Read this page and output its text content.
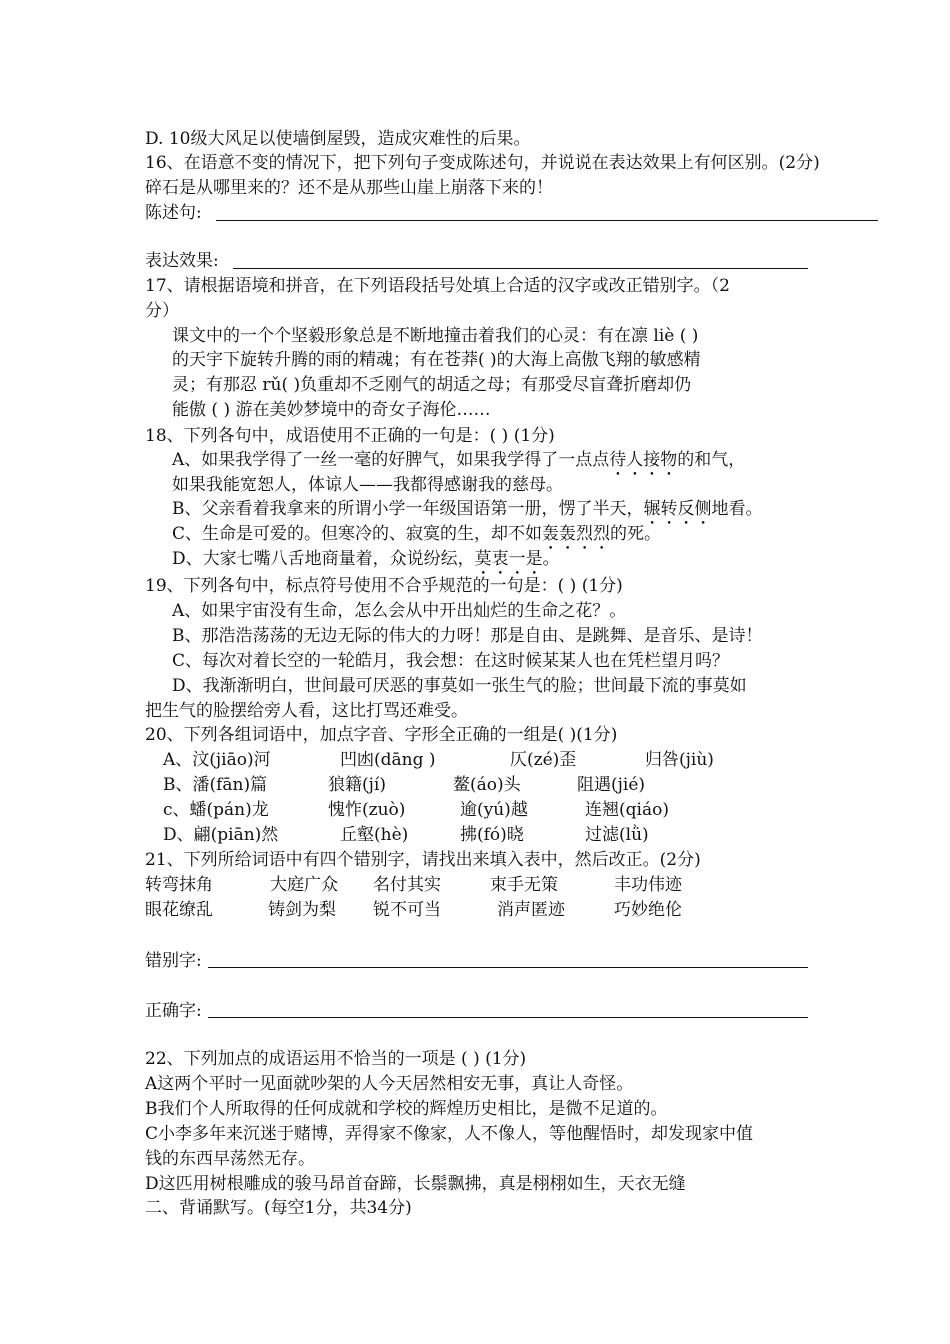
D. 10级大风足以使墙倒屋毁，造成灾难性的后果。
16、在语意不变的情况下，把下列句子变成陈述句，并说说在表达效果上有何区别。(2分)
碎石是从哪里来的？还不是从那些山崖上崩落下来的！
陈述句:
表达效果:
17、请根据语境和拼音，在下列语段括号处填上合适的汉字或改正错别字。（2
分）
课文中的一个个坚毅形象总是不断地撞击着我们的心灵：有在凛 liè ( )
的天宇下旋转升腾的雨的精魂；有在苍莽( )的大海上高傲飞翔的敏感精
灵；有那忍 rǔ( )负重却不乏刚气的胡适之母；有那受尽盲聋折磨却仍
能傲 ( ) 游在美妙梦境中的奇女子海伦……
18、下列各句中，成语使用不正确的一句是：( ) (1分)
A、如果我学得了一丝一毫的好脾气，如果我学得了一点点待人接物的和气，
如果我能宽恕人，体谅人——我都得感谢我的慈母。
B、父亲看着我拿来的所谓小学一年级国语第一册，愣了半天，辗转反侧地看。
C、生命是可爱的。但寒冷的、寂寞的生，却不如轰轰烈烈的死。
D、大家七嘴八舌地商量着，众说纷纭，莫衷一是。
19、下列各句中，标点符号使用不合乎规范的一句是：( ) (1分)
A、如果宇宙没有生命，怎么会从中开出灿烂的生命之花？。
B、那浩浩荡荡的无边无际的伟大的力呀！那是自由、是跳舞、是音乐、是诗！
C、每次对着长空的一轮皓月，我会想：在这时候某某人也在凭栏望月吗？
D、我渐渐明白，世间最可厌恶的事莫如一张生气的脸；世间最下流的事莫如
把生气的脸摆给旁人看，这比打骂还难受。
20、下列各组词语中，加点字音、字形全正确的一组是( )(1分)
A、汶(jiāo)河	凹凼(dāng )	仄(zé)歪	归咎(jiù)
B、潘(fān)篇	狼籍(jí)	鳌(áo)头	阻遇(jié)
c、蟠(pán)龙	愧怍(zuò)	逾(yú)越	连翘(qiáo)
D、翩(piān)然	丘壑(hè)	拂(fó)晓	过滤(lǜ)
21、下列所给词语中有四个错别字，请找出来填入表中，然后改正。(2分)
转弯抹角	大庭广众 名付其实	束手无策	丰功伟迹
眼花缭乱	铸剑为梨 锐不可当	消声匿迹	巧妙绝伦
错别字:
正确字:
22、下列加点的成语运用不恰当的一项是 ( ) (1分)
A这两个平时一见面就吵架的人今天居然相安无事，真让人奇怪。
B我们个人所取得的任何成就和学校的辉煌历史相比，是微不足道的。
C小李多年来沉迷于赌博，弄得家不像家，人不像人，等他醒悟时，却发现家中值
钱的东西早荡然无存。
D这匹用树根雕成的骏马昂首奋蹄，长鬃飘拂，真是栩栩如生，天衣无缝
二、背诵默写。(每空1分，共34分)
